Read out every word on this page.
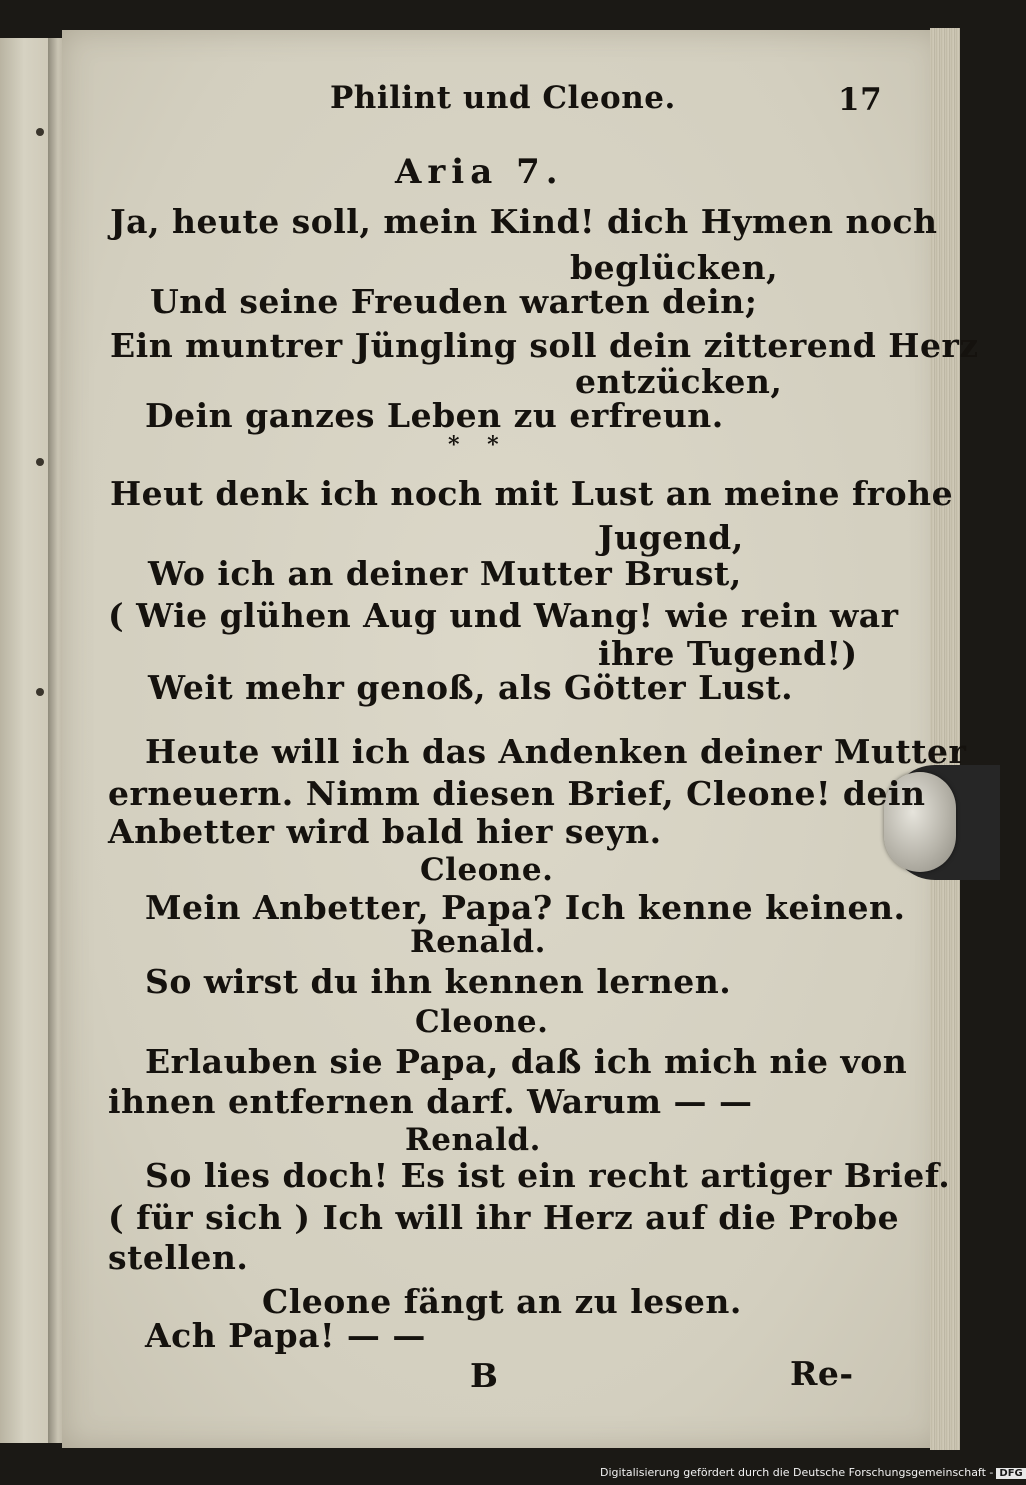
Philint und Cleone.	17
Aria 7.
Ja, heute soll, mein Kind! dich Hymen noch
beglücken,
Und seine Freuden warten dein;
Ein muntrer Jüngling soll dein zitterend Herz
entzücken,
Dein ganzes Leben zu erfreun.
* *
Heut denk ich noch mit Lust an meine frohe
Jugend,
Wo ich an deiner Mutter Brust,
( Wie glühen Aug und Wang! wie rein war
ihre Tugend!)
Weit mehr genoß, als Götter Lust.
Heute will ich das Andenken deiner Mutter
erneuern. Nimm diesen Brief, Cleone! dein
Anbetter wird bald hier seyn.
Cleone.
Mein Anbetter, Papa? Ich kenne keinen.
Renald.
So wirst du ihn kennen lernen.
Cleone.
Erlauben sie Papa, daß ich mich nie von
ihnen entfernen darf. Warum — —
Renald.
So lies doch! Es ist ein recht artiger Brief.
( für sich ) Ich will ihr Herz auf die Probe
stellen.
Cleone fängt an zu lesen.
Ach Papa! — —
B	Re-
Digitalisierung gefördert durch die Deutsche Forschungsgemeinschaft - DFG
